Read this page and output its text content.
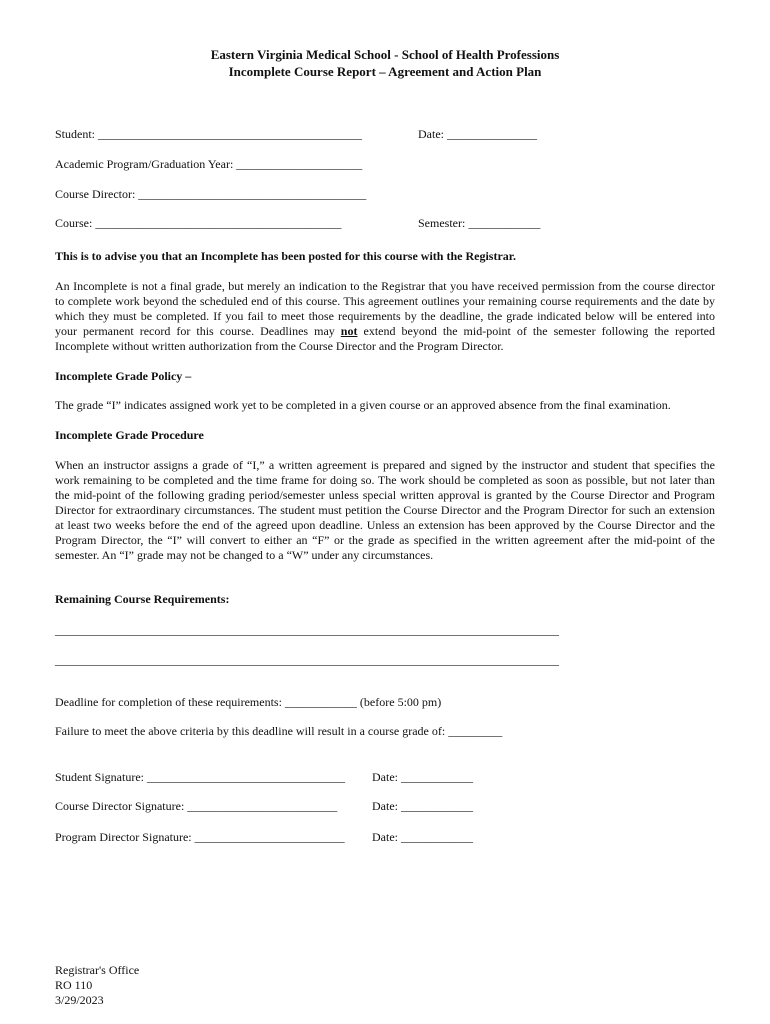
Eastern Virginia Medical School - School of Health Professions
Incomplete Course Report – Agreement and Action Plan
Student: ____________________________________________	Date: _______________
Academic Program/Graduation Year: _____________________
Course Director: ______________________________________
Course: _________________________________________	Semester: ____________
This is to advise you that an Incomplete has been posted for this course with the Registrar.
An Incomplete is not a final grade, but merely an indication to the Registrar that you have received permission from the course director to complete work beyond the scheduled end of this course. This agreement outlines your remaining course requirements and the date by which they must be completed. If you fail to meet those requirements by the deadline, the grade indicated below will be entered into your permanent record for this course. Deadlines may not extend beyond the mid-point of the semester following the reported Incomplete without written authorization from the Course Director and the Program Director.
Incomplete Grade Policy –
The grade “I” indicates assigned work yet to be completed in a given course or an approved absence from the final examination.
Incomplete Grade Procedure
When an instructor assigns a grade of “I,” a written agreement is prepared and signed by the instructor and student that specifies the work remaining to be completed and the time frame for doing so. The work should be completed as soon as possible, but not later than the mid-point of the following grading period/semester unless special written approval is granted by the Course Director and Program Director for extraordinary circumstances. The student must petition the Course Director and the Program Director for such an extension at least two weeks before the end of the agreed upon deadline. Unless an extension has been approved by the Course Director and the Program Director, the “I” will convert to either an “F” or the grade as specified in the written agreement after the mid-point of the semester. An “I” grade may not be changed to a “W” under any circumstances.
Remaining Course Requirements:
____________________________________________________________________________________
____________________________________________________________________________________
Deadline for completion of these requirements: ____________ (before 5:00 pm)
Failure to meet the above criteria by this deadline will result in a course grade of: _________
Student Signature: _________________________________ Date: ____________
Course Director Signature: _________________________	Date: ____________
Program Director Signature: _________________________ Date: ____________
Registrar's Office
RO 110
3/29/2023
